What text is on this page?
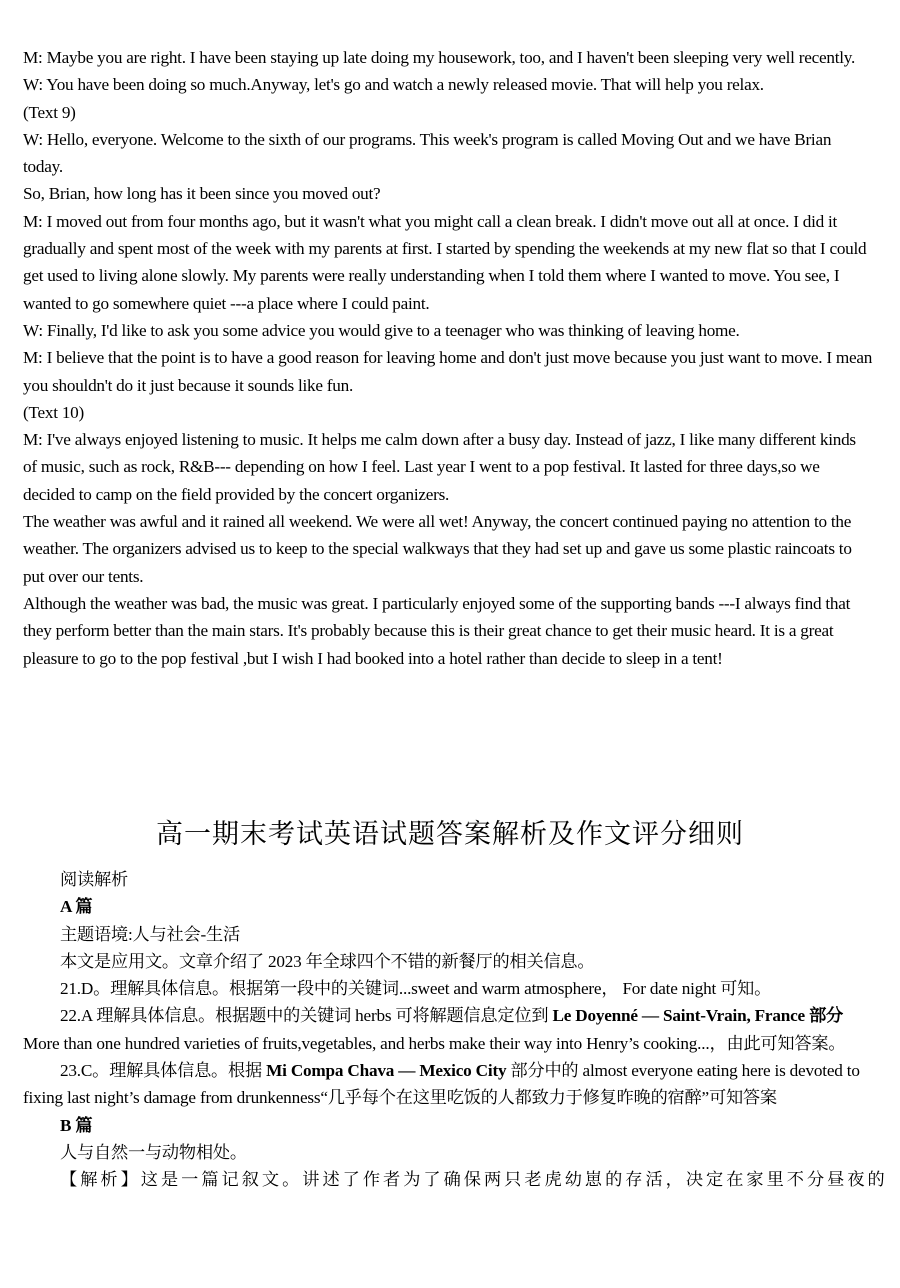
M: Maybe you are right. I have been staying up late doing my housework, too, and I haven't been sleeping very well recently.

W: You have been doing so much.Anyway, let's go and watch a newly released movie. That will help you relax.

(Text 9)

W: Hello, everyone. Welcome to the sixth of our programs. This week's program is called Moving Out and we have Brian today.

So, Brian, how long has it been since you moved out?

M: I moved out from four months ago, but it wasn't what you might call a clean break. I didn't move out all at once. I did it gradually and spent most of the week with my parents at first. I started by spending the weekends at my new flat so that I could get used to living alone slowly. My parents were really understanding when I told them where I wanted to move. You see, I wanted to go somewhere quiet ---a place where I could paint.

W: Finally, I'd like to ask you some advice you would give to a teenager who was thinking of leaving home.

M: I believe that the point is to have a good reason for leaving home and don't just move because you just want to move. I mean you shouldn't do it just because it sounds like fun.

(Text 10)

M: I've always enjoyed listening to music. It helps me calm down after a busy day. Instead of jazz, I like many different kinds of music, such as rock, R&B--- depending on how I feel. Last year I went to a pop festival. It lasted for three days,so we decided to camp on the field provided by the concert organizers.

The weather was awful and it rained all weekend. We were all wet! Anyway, the concert continued paying no attention to the weather. The organizers advised us to keep to the special walkways that they had set up and gave us some plastic raincoats to put over our tents.

Although the weather was bad, the music was great. I particularly enjoyed some of the supporting bands ---I always find that they perform better than the main stars. It's probably because this is their great chance to get their music heard. It is a great pleasure to go to the pop festival ,but I wish I had booked into a hotel rather than decide to sleep in a tent!

高一期末考试英语试题答案解析及作文评分细则

阅读解析

A 篇

主题语境:人与社会-生活

本文是应用文。文章介绍了 2023 年全球四个不错的新餐厅的相关信息。

21.D。理解具体信息。根据第一段中的关键词...sweet and warm atmosphere， For date night 可知。

22.A 理解具体信息。根据题中的关键词 herbs 可将解题信息定位到 Le Doyenné — Saint-Vrain, France 部分 More than one hundred varieties of fruits,vegetables, and herbs make their way into Henry’s cooking...，由此可知答案。

23.C。理解具体信息。根据 Mi Compa Chava — Mexico City 部分中的 almost everyone eating here is devoted to fixing last night’s damage from drunkenness“几乎每个在这里吃饭的人都致力于修复昨晚的宿醉”可知答案

B 篇

人与自然一与动物相处。

【解析】这是一篇记叙文。讲述了作者为了确保两只老虎幼崽的存活，决定在家里不分昼夜的
